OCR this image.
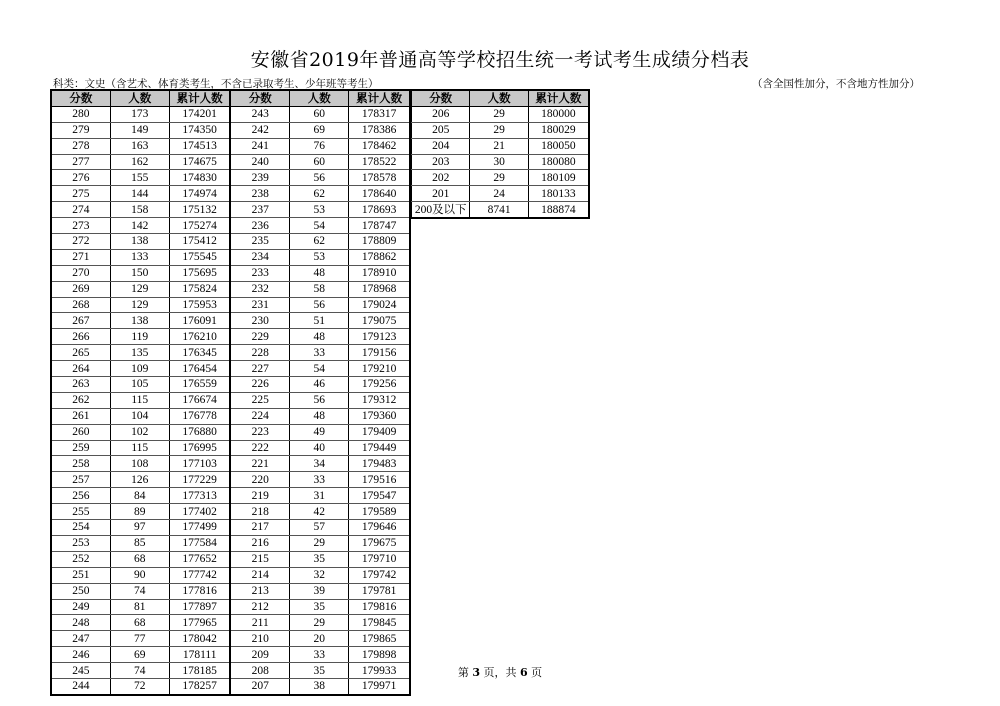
安徽省2019年普通高等学校招生统一考试考生成绩分档表
科类：文史（含艺术、体育类考生，不含已录取考生、少年班等考生）	（含全国性加分，不含地方性加分）
分数	人数	累计人数	分数	人数	累计人数
280	173	174201	243	60	178317
279	149	174350	242	69	178386
278	163	174513	241	76	178462
277	162	174675	240	60	178522
276	155	174830	239	56	178578
275	144	174974	238	62	178640
274	158	175132	237	53	178693
273	142	175274	236	54	178747
272	138	175412	235	62	178809
271	133	175545	234	53	178862
270	150	175695	233	48	178910
269	129	175824	232	58	178968
268	129	175953	231	56	179024
267	138	176091	230	51	179075
266	119	176210	229	48	179123
265	135	176345	228	33	179156
264	109	176454	227	54	179210
263	105	176559	226	46	179256
262	115	176674	225	56	179312
261	104	176778	224	48	179360
260	102	176880	223	49	179409
259	115	176995	222	40	179449
258	108	177103	221	34	179483
257	126	177229	220	33	179516
256	84	177313	219	31	179547
255	89	177402	218	42	179589
254	97	177499	217	57	179646
253	85	177584	216	29	179675
252	68	177652	215	35	179710
251	90	177742	214	32	179742
250	74	177816	213	39	179781
249	81	177897	212	35	179816
248	68	177965	211	29	179845
247	77	178042	210	20	179865
246	69	178111	209	33	179898
245	74	178185	208	35	179933
244	72	178257	207	38	179971
分数	人数	累计人数
206	29	180000
205	29	180029
204	21	180050
203	30	180080
202	29	180109
201	24	180133
200及以下	8741	188874
第 3 页，共 6 页
